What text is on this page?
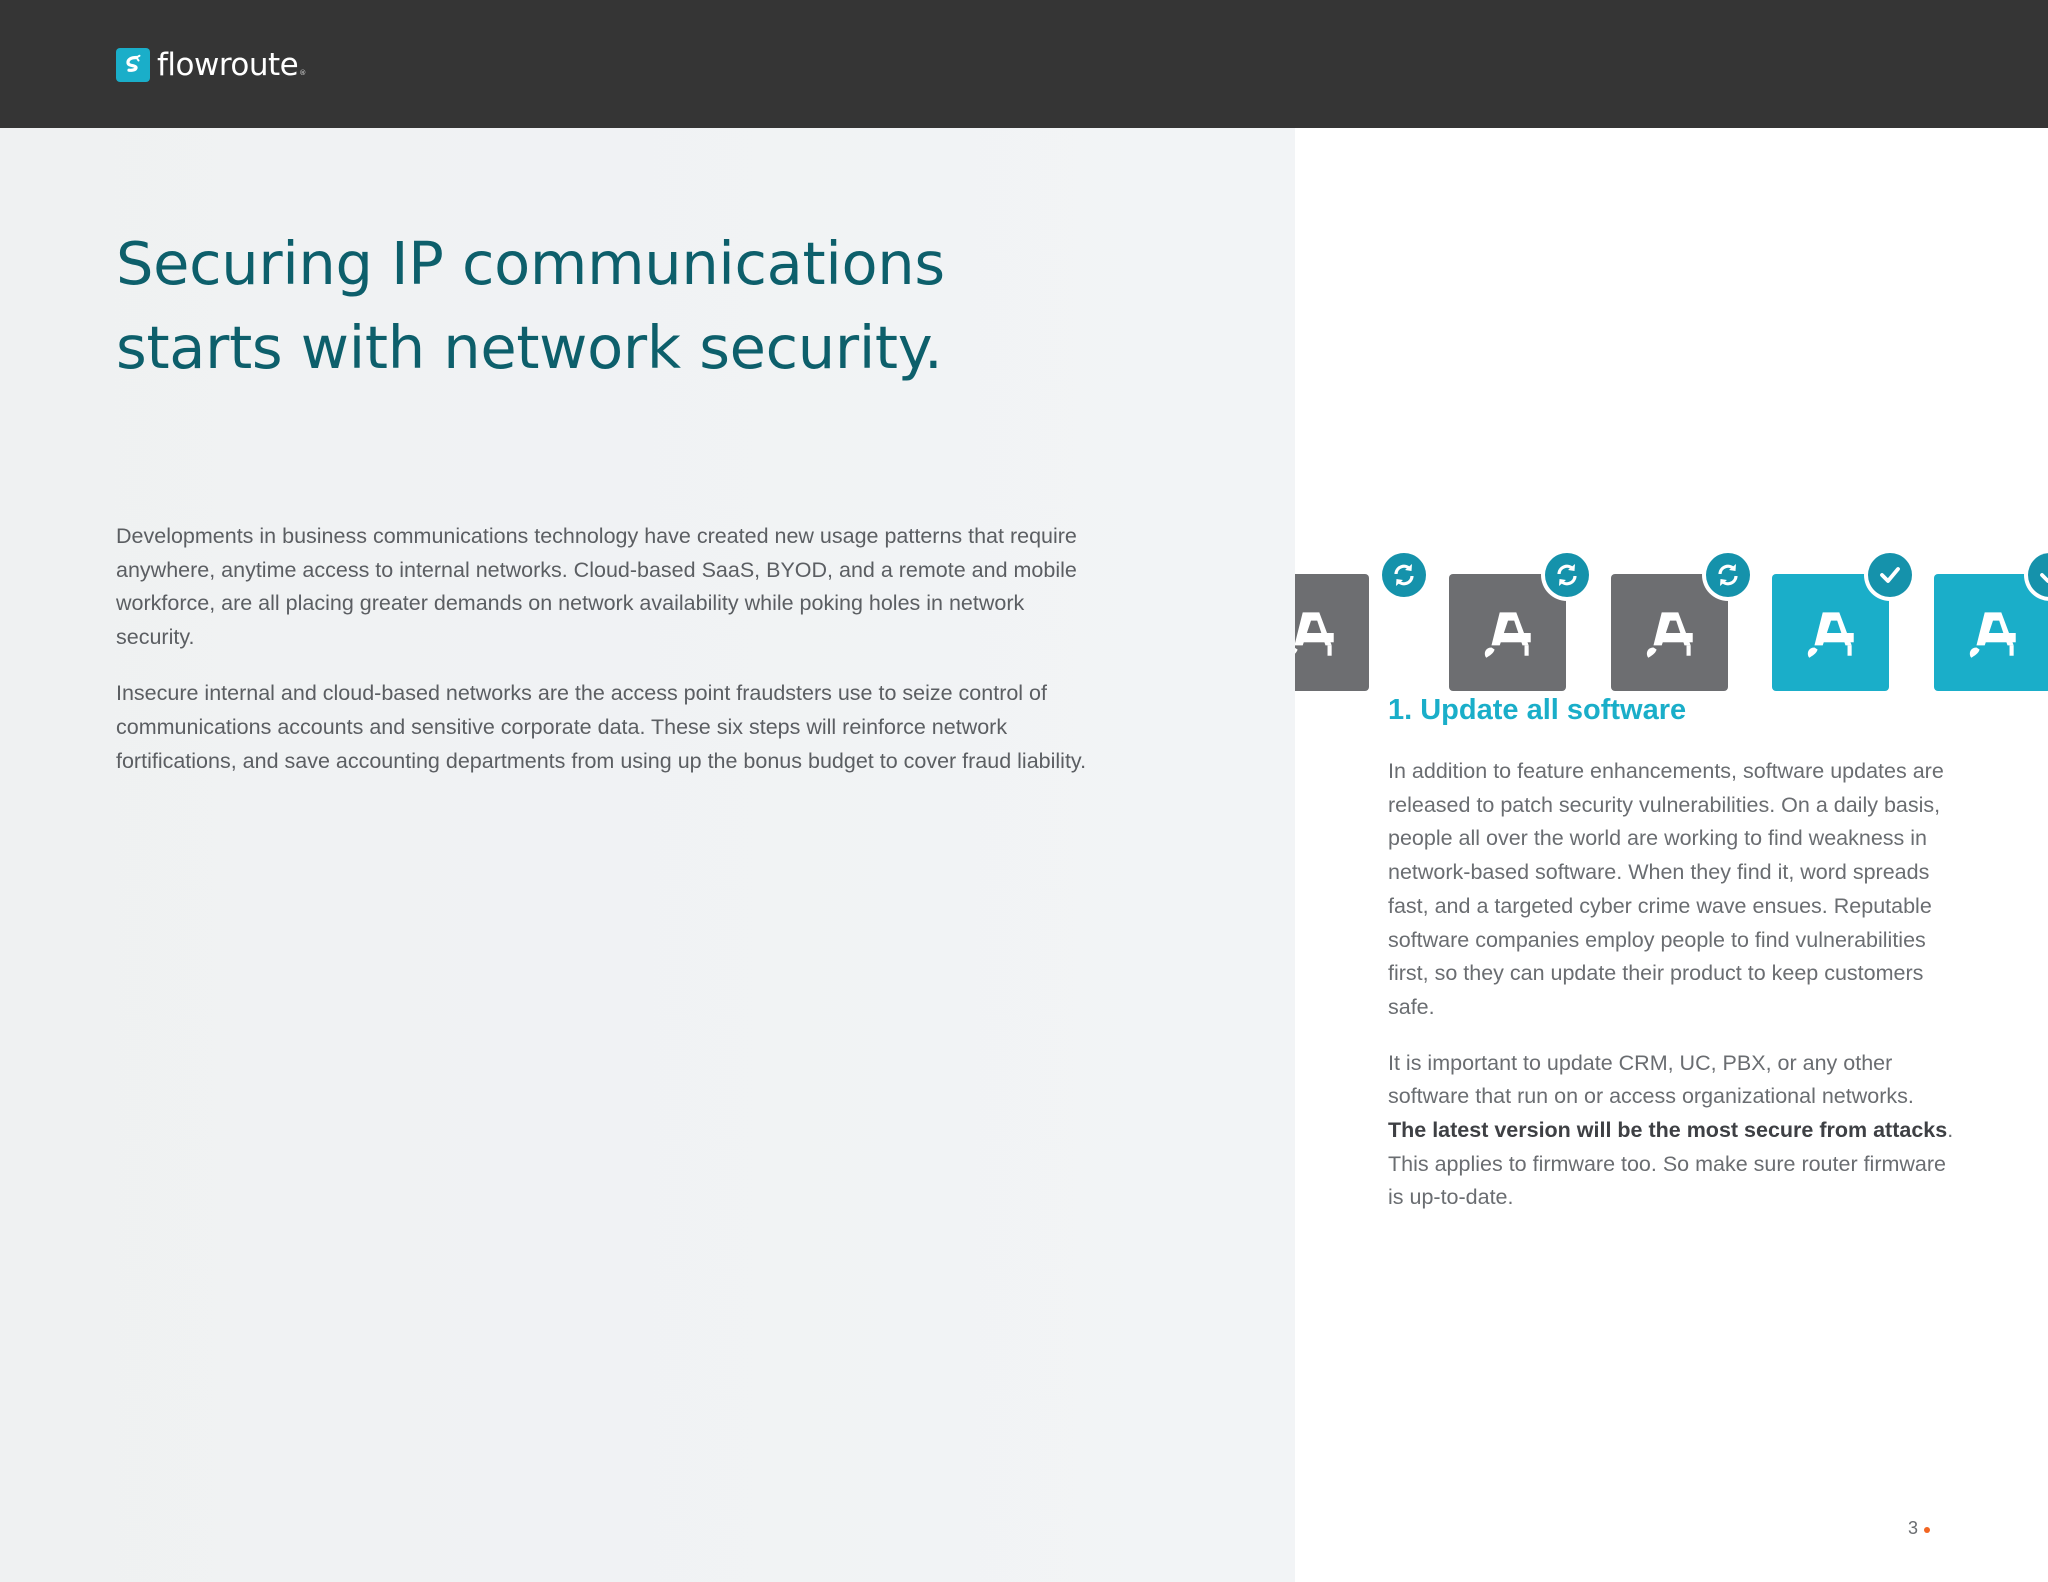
flowroute®
Securing IP communications
starts with network security.

Developments in business communications technology have created new usage patterns that require anywhere, anytime access to internal networks. Cloud-based SaaS, BYOD, and a remote and mobile workforce, are all placing greater demands on network availability while poking holes in network security.

Insecure internal and cloud-based networks are the access point fraudsters use to seize control of communications accounts and sensitive corporate data. These six steps will reinforce network fortifications, and save accounting departments from using up the bonus budget to cover fraud liability.

1. Update all software

In addition to feature enhancements, software updates are released to patch security vulnerabilities. On a daily basis, people all over the world are working to find weakness in network-based software. When they find it, word spreads fast, and a targeted cyber crime wave ensues. Reputable software companies employ people to find vulnerabilities first, so they can update their product to keep customers safe.

It is important to update CRM, UC, PBX, or any other software that run on or access organizational networks. The latest version will be the most secure from attacks. This applies to firmware too. So make sure router firmware is up-to-date.

3
